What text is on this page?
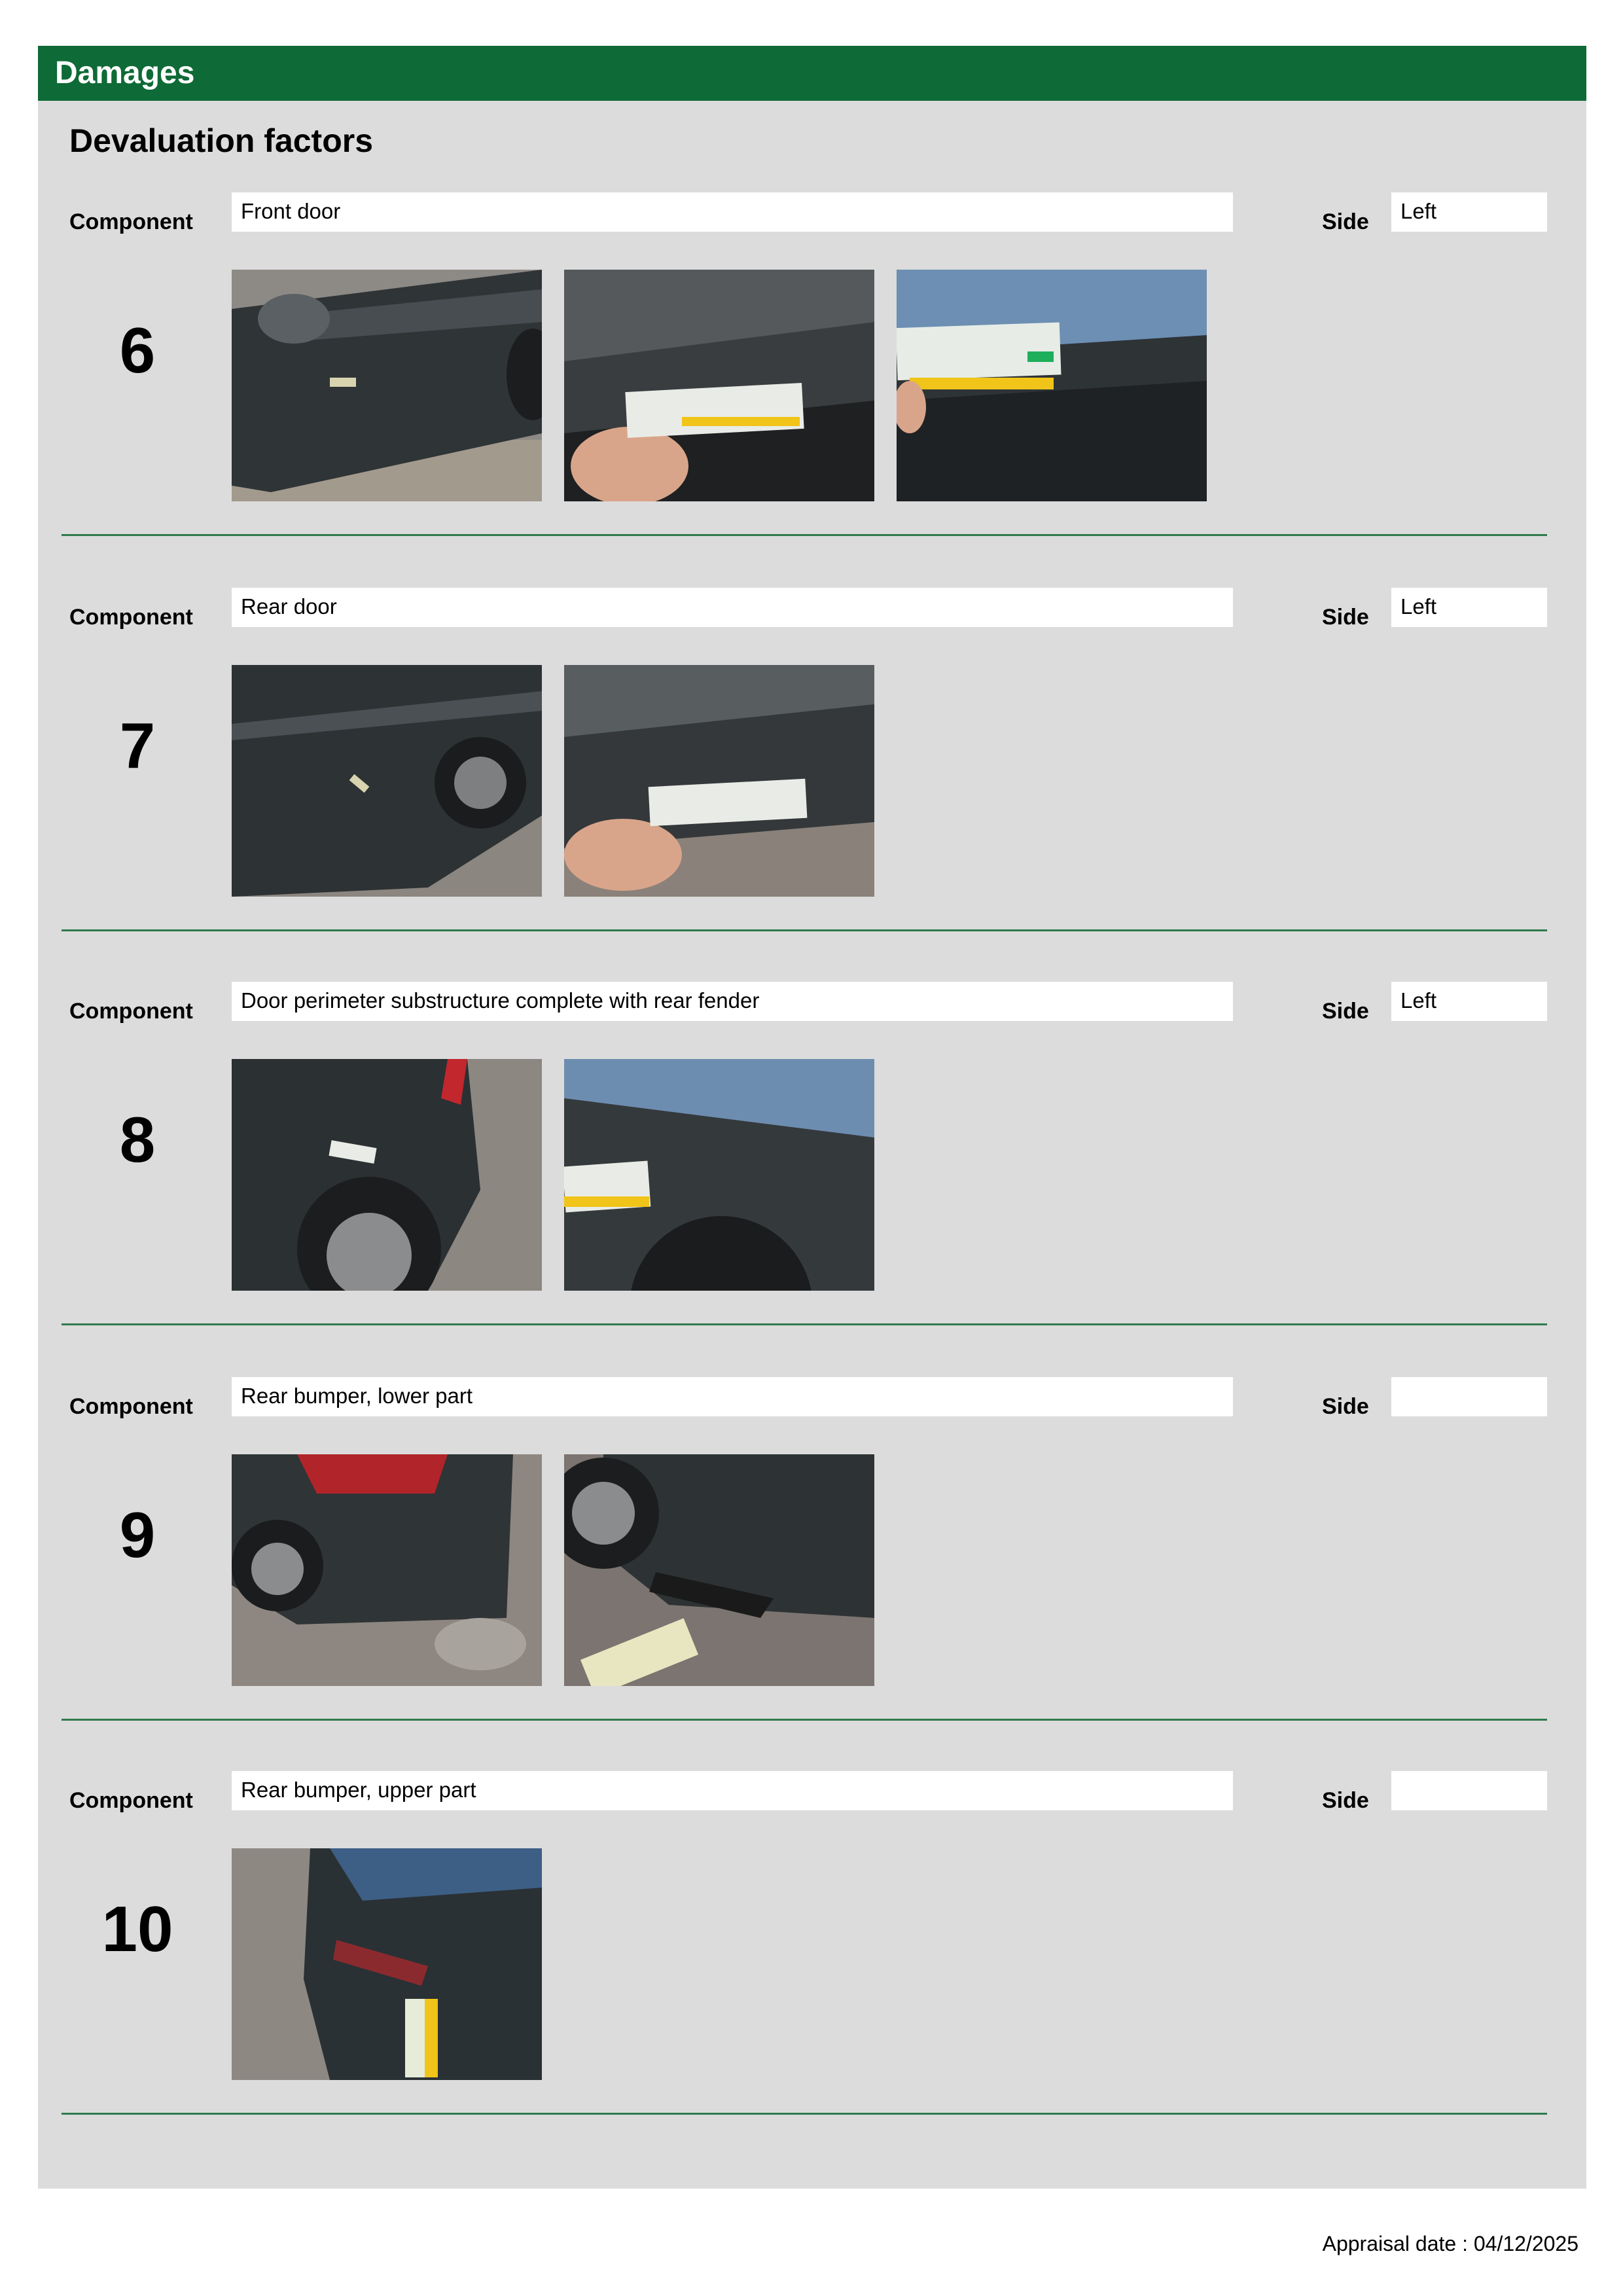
Damages
Devaluation factors
Component	Front door	Side	Left
6
Component	Rear door	Side	Left
7
Component	Door perimeter substructure complete with rear fender	Side	Left
8
Component	Rear bumper, lower part	Side
9
Component	Rear bumper, upper part	Side
10
Appraisal date : 04/12/2025
